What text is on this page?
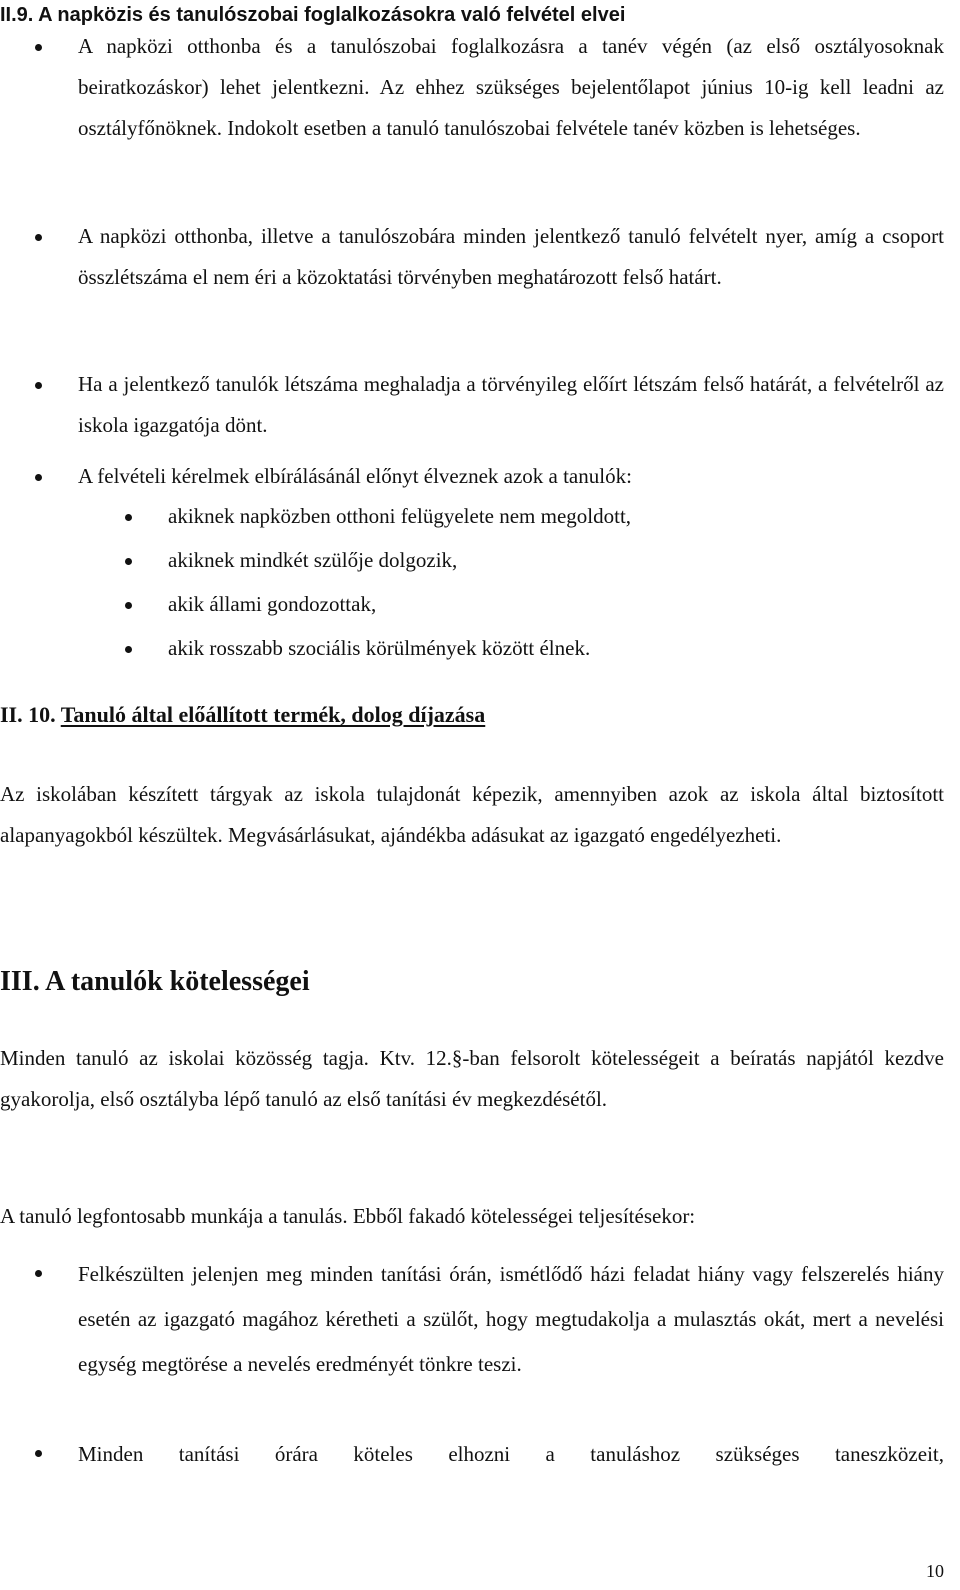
II.9. A napközis és tanulószobai foglalkozásokra való felvétel elvei
A napközi otthonba és a tanulószobai foglalkozásra a tanév végén (az első osztályosoknak beiratkozáskor) lehet jelentkezni. Az ehhez szükséges bejelentőlapot június 10-ig kell leadni az osztályfőnöknek. Indokolt esetben a tanuló tanulószobai felvétele tanév közben is lehetséges.
A napközi otthonba, illetve a tanulószobára minden jelentkező tanuló felvételt nyer, amíg a csoport összlétszáma el nem éri a közoktatási törvényben meghatározott felső határt.
Ha a jelentkező tanulók létszáma meghaladja a törvényileg előírt létszám felső határát, a felvételről az iskola igazgatója dönt.
A felvételi kérelmek elbírálásánál előnyt élveznek azok a tanulók:
akiknek napközben otthoni felügyelete nem megoldott,
akiknek mindkét szülője dolgozik,
akik állami gondozottak,
akik rosszabb szociális körülmények között élnek.
II. 10. Tanuló által előállított termék, dolog díjazása
Az iskolában készített tárgyak az iskola tulajdonát képezik, amennyiben azok az iskola által biztosított alapanyagokból készültek. Megvásárlásukat, ajándékba adásukat az igazgató engedélyezheti.
III. A tanulók kötelességei
Minden tanuló az iskolai közösség tagja. Ktv. 12.§-ban felsorolt kötelességeit a beíratás napjától kezdve gyakorolja, első osztályba lépő tanuló az első tanítási év megkezdésétől.
A tanuló legfontosabb munkája a tanulás. Ebből fakadó kötelességei teljesítésekor:
Felkészülten jelenjen meg minden tanítási órán, ismétlődő házi feladat hiány vagy felszerelés hiány esetén az igazgató magához kéretheti a szülőt, hogy megtudakolja a mulasztás okát, mert a nevelési egység megtörése a nevelés eredményét tönkre teszi.
Minden tanítási órára köteles elhozni a tanuláshoz szükséges taneszközeit,
10
